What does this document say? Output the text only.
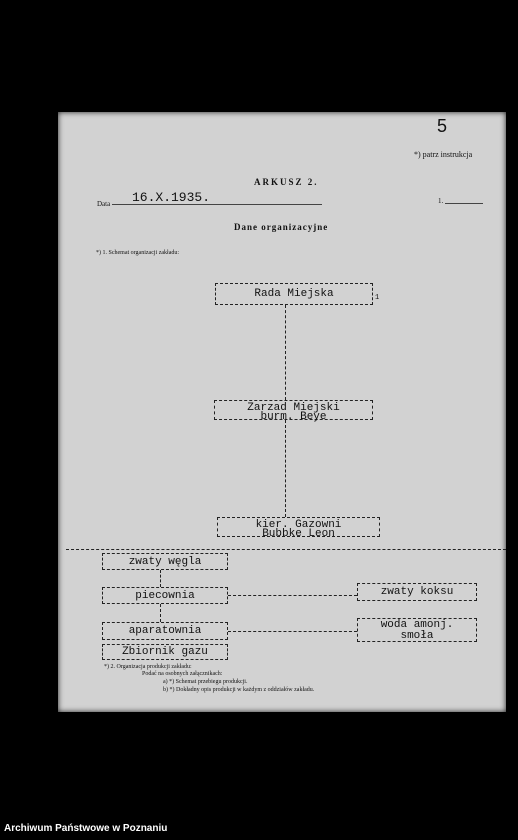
5
*) patrz instrukcja
ARKUSZ 2.
Data 16.X.1935.	1.
Dane organizacyjne
*) 1. Schemat organizacji zakładu:
Rada Miejska	1
Zarzad Miejski
burm. Beye
kier. Gazowni
Bubbke Leon
zwaty węgla
piecownia	zwaty koksu
aparatownia	woda amonj.
smoła
Zbiornik gazu
*) 2. Organizacja produkcji zakładu:
Podać na osobnych załącznikach:
a) *) Schemat przebiegu produkcji.
b) *) Dokładny opis produkcji w każdym z oddziałów zakładu.
Archiwum Państwowe w Poznaniu
